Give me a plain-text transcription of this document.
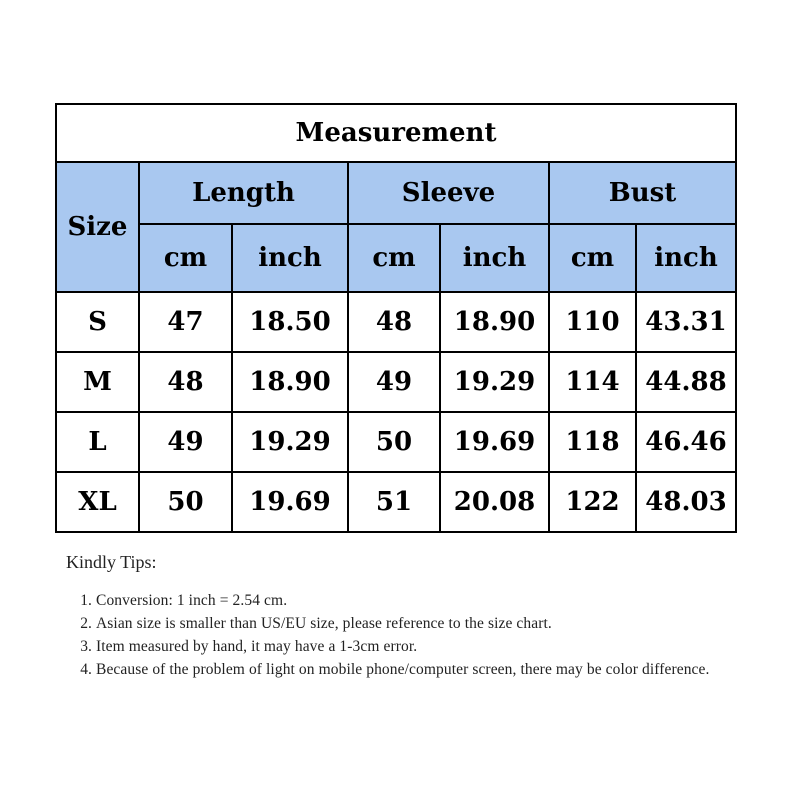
Measurement						
Size	Length		Sleeve		Bust	
	cm	inch	cm	inch	cm	inch
S	47	18.50	48	18.90	110	43.31
M	48	18.90	49	19.29	114	44.88
L	49	19.29	50	19.69	118	46.46
XL	50	19.69	51	20.08	122	48.03
Kindly Tips:
1. Conversion: 1 inch = 2.54 cm.
2. Asian size is smaller than US/EU size, please reference to the size chart.
3. Item measured by hand, it may have a 1-3cm error.
4. Because of the problem of light on mobile phone/computer screen, there may be color difference.
